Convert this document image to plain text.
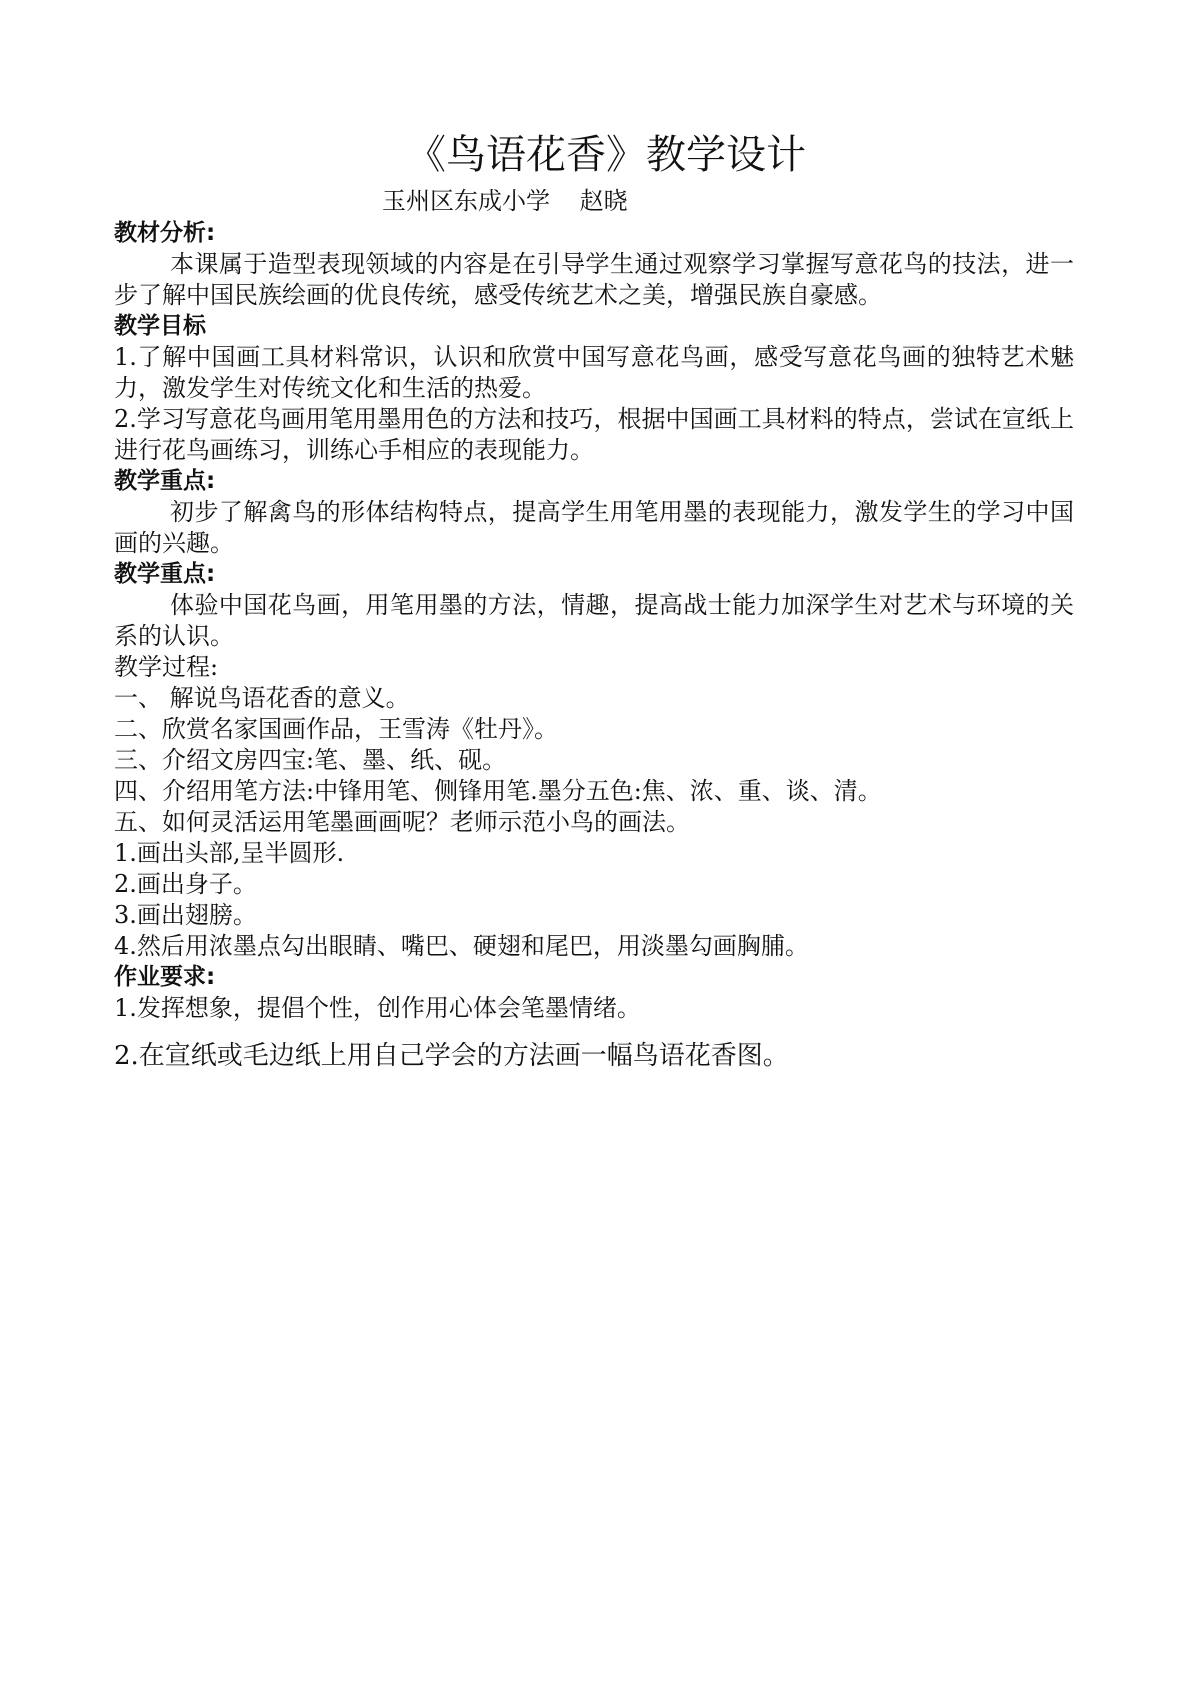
《鸟语花香》教学设计
玉州区东成小学 赵晓
教材分析:

本课属于造型表现领域的内容是在引导学生通过观察学习掌握写意花鸟的技法，进一步了解中国民族绘画的优良传统，感受传统艺术之美，增强民族自豪感。

教学目标

1.了解中国画工具材料常识，认识和欣赏中国写意花鸟画，感受写意花鸟画的独特艺术魅力，激发学生对传统文化和生活的热爱。

2.学习写意花鸟画用笔用墨用色的方法和技巧，根据中国画工具材料的特点，尝试在宣纸上进行花鸟画练习，训练心手相应的表现能力。

教学重点:

初步了解禽鸟的形体结构特点，提高学生用笔用墨的表现能力，激发学生的学习中国画的兴趣。

教学重点:

体验中国花鸟画，用笔用墨的方法，情趣，提高战士能力加深学生对艺术与环境的关系的认识。

教学过程:
一、 解说鸟语花香的意义。
二、欣赏名家国画作品，王雪涛《牡丹》。
三、介绍文房四宝:笔、墨、纸、砚。
四、介绍用笔方法:中锋用笔、侧锋用笔.墨分五色:焦、浓、重、谈、清。
五、如何灵活运用笔墨画画呢？老师示范小鸟的画法。
1.画出头部,呈半圆形.
2.画出身子。
3.画出翅膀。
4.然后用浓墨点勾出眼睛、嘴巴、硬翅和尾巴，用淡墨勾画胸脯。
作业要求:
1.发挥想象，提倡个性，创作用心体会笔墨情绪。
2.在宣纸或毛边纸上用自己学会的方法画一幅鸟语花香图。
